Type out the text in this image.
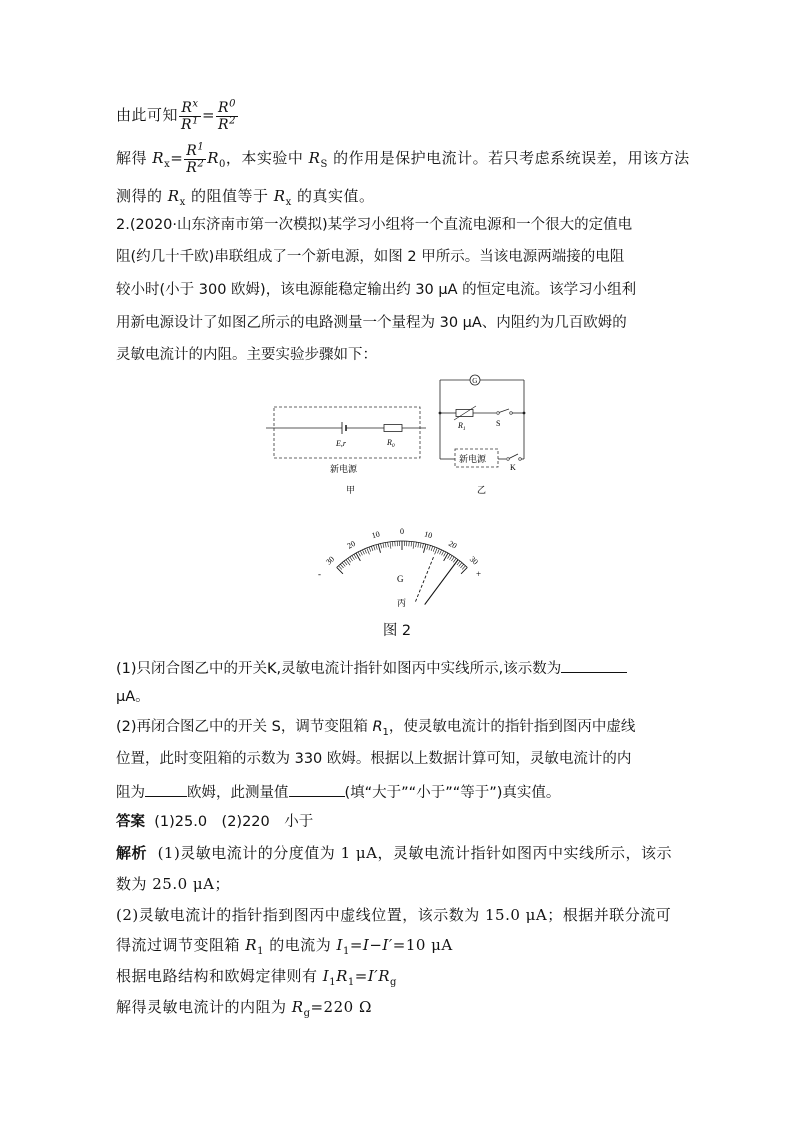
由此可知 $\frac{R^x}{R^1} = \frac{R^0}{R^2}$
解得 $R_x= \frac{R^1}{R^2} R_0$，本实验中 $R_S$ 的作用是保护电流计。若只考虑系统误差，用该方法
测得的 $R_x$ 的阻值等于 $R_x$ 的真实值。
2.(2020·山东济南市第一次模拟)某学习小组将一个直流电源和一个很大的定值电
阻(约几十千欧)串联组成了一个新电源，如图 2 甲所示。当该电源两端接的电阻
较小时(小于 300 欧姆)，该电源能稳定输出约 30 μA 的恒定电流。该学习小组利
用新电源设计了如图乙所示的电路测量一个量程为 30 μA、内阻约为几百欧姆的
灵敏电流计的内阻。主要实验步骤如下：
E,r	$R_0$
新电源
甲
G
$R_1$
S
新电源
K
乙
30
20
10 0 10
20
30
-	+
G
丙
图 2
(1)只闭合图乙中的开关K,灵敏电流计指针如图丙中实线所示,该示数为
μA。
(2)再闭合图乙中的开关 S，调节变阻箱 $R_1$，使灵敏电流计的指针指到图丙中虚线
位置，此时变阻箱的示数为 330 欧姆。根据以上数据计算可知，灵敏电流计的内
阻为	欧姆，此测量值	(填“大于”“小于”“等于”)真实值。
答案 (1)25.0　(2)220　小于
解析 (1)灵敏电流计的分度值为 1 μA，灵敏电流计指针如图丙中实线所示，该示
数为 25.0 μA；
(2)灵敏电流计的指针指到图丙中虚线位置，该示数为 15.0 μA；根据并联分流可
得流过调节变阻箱 $R_1$ 的电流为 $I_1=I-I'=10$ μA
根据电路结构和欧姆定律则有 $I_1R_1=I'R_g$
解得灵敏电流计的内阻为 $R_g=220$ Ω
